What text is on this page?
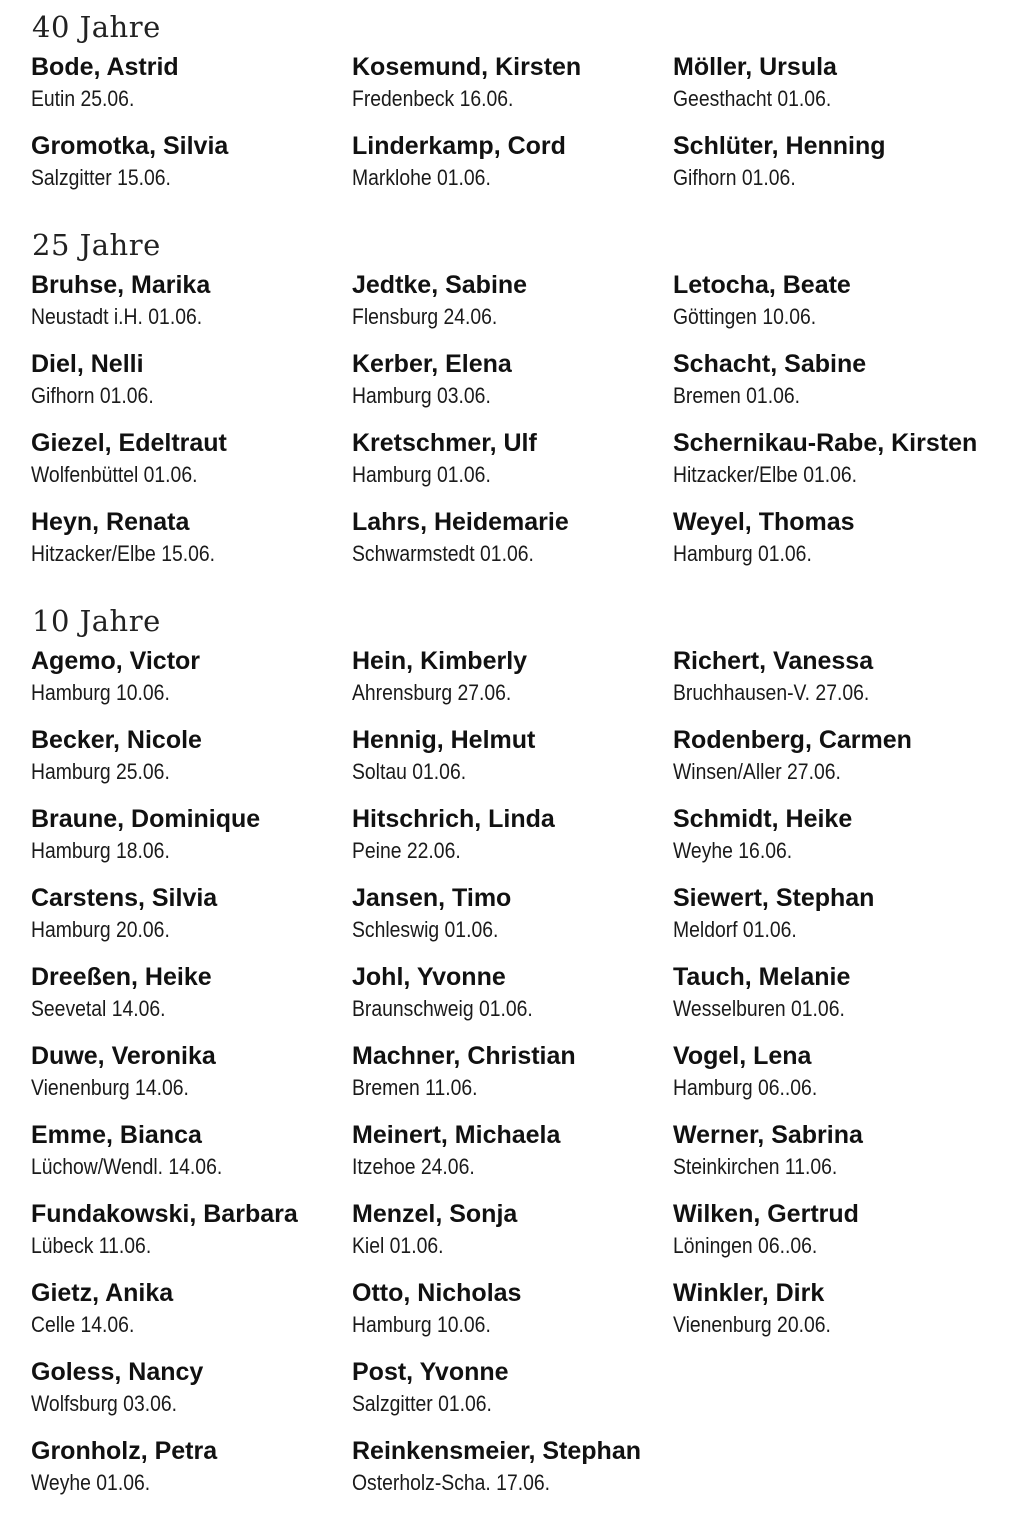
40 Jahre
Bode, Astrid
Eutin 25.06.
Gromotka, Silvia
Salzgitter 15.06.
Kosemund, Kirsten
Fredenbeck 16.06.
Linderkamp, Cord
Marklohe 01.06.
Möller, Ursula
Geesthacht 01.06.
Schlüter, Henning
Gifhorn 01.06.
25 Jahre
Bruhse, Marika
Neustadt i.H. 01.06.
Diel, Nelli
Gifhorn 01.06.
Giezel, Edeltraut
Wolfenbüttel 01.06.
Heyn, Renata
Hitzacker/Elbe 15.06.
Jedtke, Sabine
Flensburg 24.06.
Kerber, Elena
Hamburg 03.06.
Kretschmer, Ulf
Hamburg 01.06.
Lahrs, Heidemarie
Schwarmstedt 01.06.
Letocha, Beate
Göttingen 10.06.
Schacht, Sabine
Bremen 01.06.
Schernikau-Rabe, Kirsten
Hitzacker/Elbe 01.06.
Weyel, Thomas
Hamburg 01.06.
10 Jahre
Agemo, Victor
Hamburg 10.06.
Becker, Nicole
Hamburg 25.06.
Braune, Dominique
Hamburg 18.06.
Carstens, Silvia
Hamburg 20.06.
Dreeßen, Heike
Seevetal 14.06.
Duwe, Veronika
Vienenburg 14.06.
Emme, Bianca
Lüchow/Wendl. 14.06.
Fundakowski, Barbara
Lübeck 11.06.
Gietz, Anika
Celle 14.06.
Goless, Nancy
Wolfsburg 03.06.
Gronholz, Petra
Weyhe 01.06.
Hein, Kimberly
Ahrensburg 27.06.
Hennig, Helmut
Soltau 01.06.
Hitschrich, Linda
Peine 22.06.
Jansen, Timo
Schleswig 01.06.
Johl, Yvonne
Braunschweig 01.06.
Machner, Christian
Bremen 11.06.
Meinert, Michaela
Itzehoe 24.06.
Menzel, Sonja
Kiel 01.06.
Otto, Nicholas
Hamburg 10.06.
Post, Yvonne
Salzgitter 01.06.
Reinkensmeier, Stephan
Osterholz-Scha. 17.06.
Richert, Vanessa
Bruchhausen-V. 27.06.
Rodenberg, Carmen
Winsen/Aller 27.06.
Schmidt, Heike
Weyhe 16.06.
Siewert, Stephan
Meldorf 01.06.
Tauch, Melanie
Wesselburen 01.06.
Vogel, Lena
Hamburg 06..06.
Werner, Sabrina
Steinkirchen 11.06.
Wilken, Gertrud
Löningen 06..06.
Winkler, Dirk
Vienenburg 20.06.
